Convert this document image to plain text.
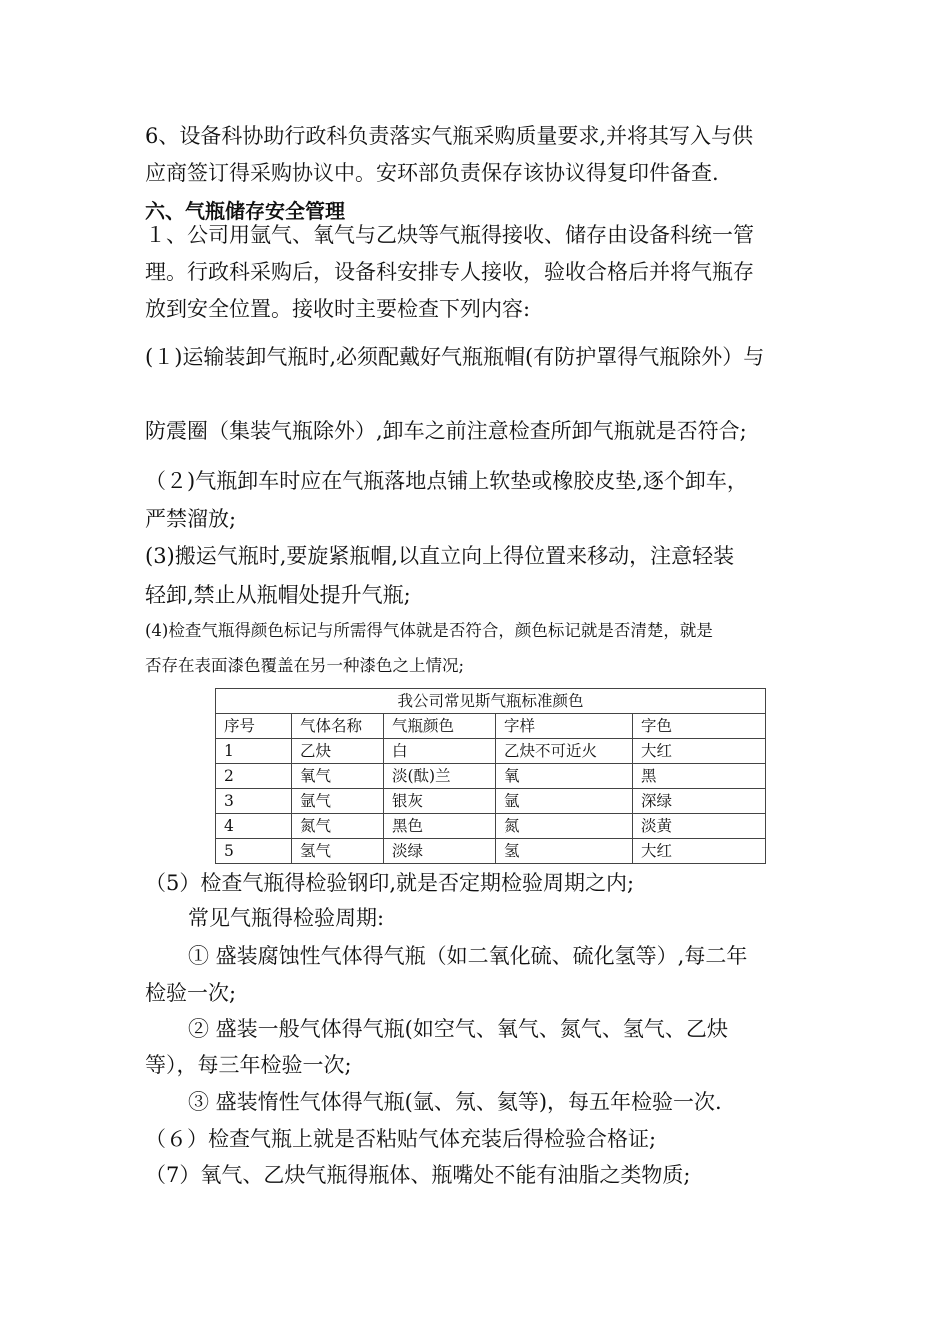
6、设备科协助行政科负责落实气瓶采购质量要求,并将其写入与供
应商签订得采购协议中。安环部负责保存该协议得复印件备查.
六、气瓶储存安全管理
１、公司用氩气、氧气与乙炔等气瓶得接收、储存由设备科统一管
理。行政科采购后，设备科安排专人接收，验收合格后并将气瓶存
放到安全位置。接收时主要检查下列内容:
(１)运输装卸气瓶时,必须配戴好气瓶瓶帽(有防护罩得气瓶除外）与
防震圈（集装气瓶除外）,卸车之前注意检查所卸气瓶就是否符合;
（２)气瓶卸车时应在气瓶落地点铺上软垫或橡胶皮垫,逐个卸车，
严禁溜放;
(3)搬运气瓶时,要旋紧瓶帽,以直立向上得位置来移动，注意轻装
轻卸,禁止从瓶帽处提升气瓶;
(4)检查气瓶得颜色标记与所需得气体就是否符合，颜色标记就是否清楚，就是
否存在表面漆色覆盖在另一种漆色之上情况;
我公司常见斯气瓶标准颜色				
序号	气体名称	气瓶颜色	字样	字色
1	乙炔	白	乙炔不可近火	大红
2	氧气	淡(酞)兰	氧	黑
3	氩气	银灰	氩	深绿
4	氮气	黑色	氮	淡黄
5	氢气	淡绿	氢	大红
（5）检查气瓶得检验钢印,就是否定期检验周期之内;
常见气瓶得检验周期:
① 盛装腐蚀性气体得气瓶（如二氧化硫、硫化氢等）,每二年
检验一次;
② 盛装一般气体得气瓶(如空气、氧气、氮气、氢气、乙炔
等），每三年检验一次;
③ 盛装惰性气体得气瓶(氩、氖、氦等)，每五年检验一次.
（６）检查气瓶上就是否粘贴气体充装后得检验合格证;
（7）氧气、乙炔气瓶得瓶体、瓶嘴处不能有油脂之类物质;
